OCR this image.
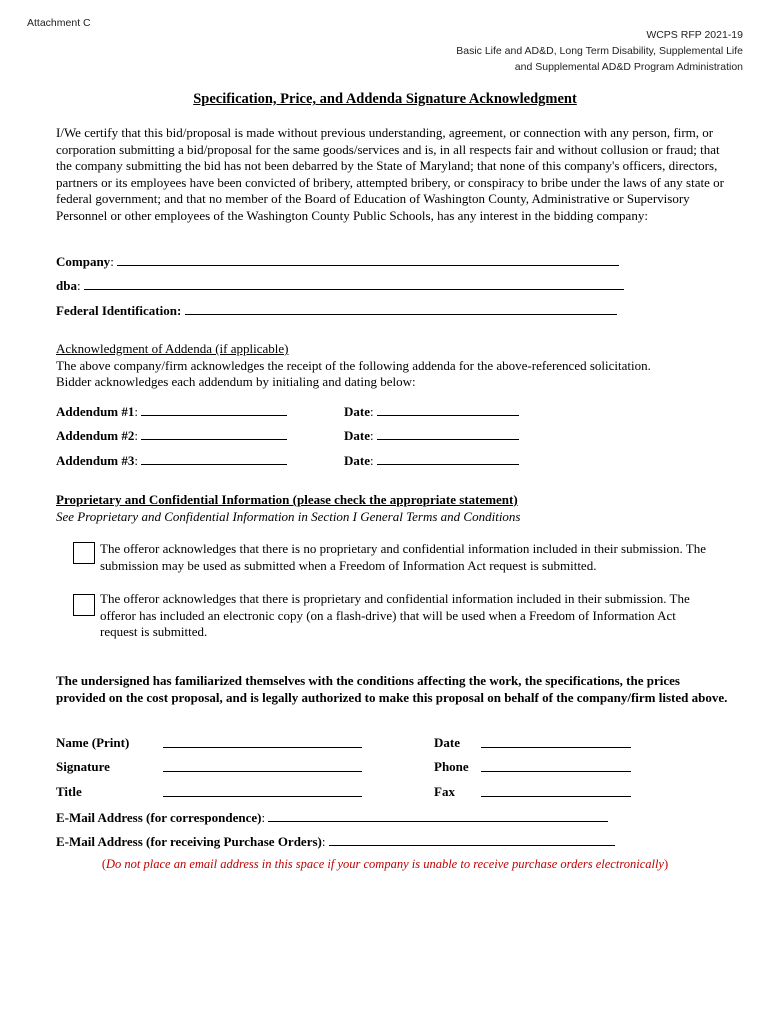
Attachment C
WCPS RFP 2021-19
Basic Life and AD&D, Long Term Disability, Supplemental Life
and Supplemental AD&D Program Administration
Specification, Price, and Addenda Signature Acknowledgment
I/We certify that this bid/proposal is made without previous understanding, agreement, or connection with any person, firm, or corporation submitting a bid/proposal for the same goods/services and is, in all respects fair and without collusion or fraud; that the company submitting the bid has not been debarred by the State of Maryland; that none of this company's officers, directors, partners or its employees have been convicted of bribery, attempted bribery, or conspiracy to bribe under the laws of any state or federal government; and that no member of the Board of Education of Washington County, Administrative or Supervisory Personnel or other employees of the Washington County Public Schools, has any interest in the bidding company:
Company:
dba:
Federal Identification:
Acknowledgment of Addenda (if applicable)
The above company/firm acknowledges the receipt of the following addenda for the above-referenced solicitation.
Bidder acknowledges each addendum by initialing and dating below:
Addendum #1:	Date:
Addendum #2:	Date:
Addendum #3:	Date:
Proprietary and Confidential Information (please check the appropriate statement)
See Proprietary and Confidential Information in Section I General Terms and Conditions
The offeror acknowledges that there is no proprietary and confidential information included in their submission. The submission may be used as submitted when a Freedom of Information Act request is submitted.
The offeror acknowledges that there is proprietary and confidential information included in their submission. The offeror has included an electronic copy (on a flash-drive) that will be used when a Freedom of Information Act request is submitted.
The undersigned has familiarized themselves with the conditions affecting the work, the specifications, the prices provided on the cost proposal, and is legally authorized to make this proposal on behalf of the company/firm listed above.
Name (Print)	Date
Signature	Phone
Title	Fax
E-Mail Address (for correspondence):
E-Mail Address (for receiving Purchase Orders):
(Do not place an email address in this space if your company is unable to receive purchase orders electronically)
